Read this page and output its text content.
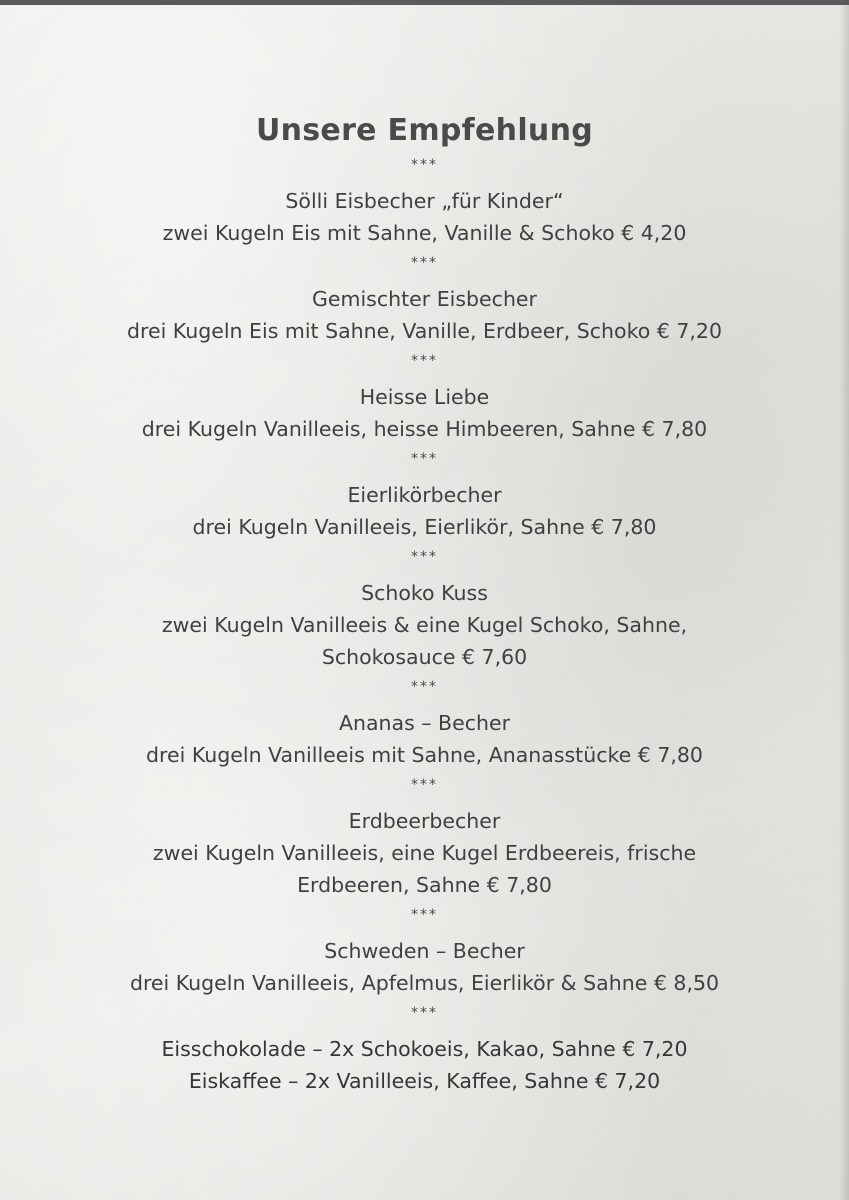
Unsere Empfehlung
***

Sölli Eisbecher „für Kinder“

zwei Kugeln Eis mit Sahne, Vanille & Schoko € 4,20

***

Gemischter Eisbecher

drei Kugeln Eis mit Sahne, Vanille, Erdbeer, Schoko € 7,20

***

Heisse Liebe

drei Kugeln Vanilleeis, heisse Himbeeren, Sahne € 7,80

***

Eierlikörbecher

drei Kugeln Vanilleeis, Eierlikör, Sahne € 7,80

***

Schoko Kuss

zwei Kugeln Vanilleeis & eine Kugel Schoko, Sahne, Schokosauce € 7,60

***

Ananas – Becher

drei Kugeln Vanilleeis mit Sahne, Ananasstücke € 7,80

***

Erdbeerbecher

zwei Kugeln Vanilleeis, eine Kugel Erdbeereis, frische Erdbeeren, Sahne € 7,80

***

Schweden – Becher

drei Kugeln Vanilleeis, Apfelmus, Eierlikör & Sahne € 8,50

***

Eisschokolade – 2x Schokoeis, Kakao, Sahne € 7,20

Eiskaffee – 2x Vanilleeis, Kaffee, Sahne € 7,20
